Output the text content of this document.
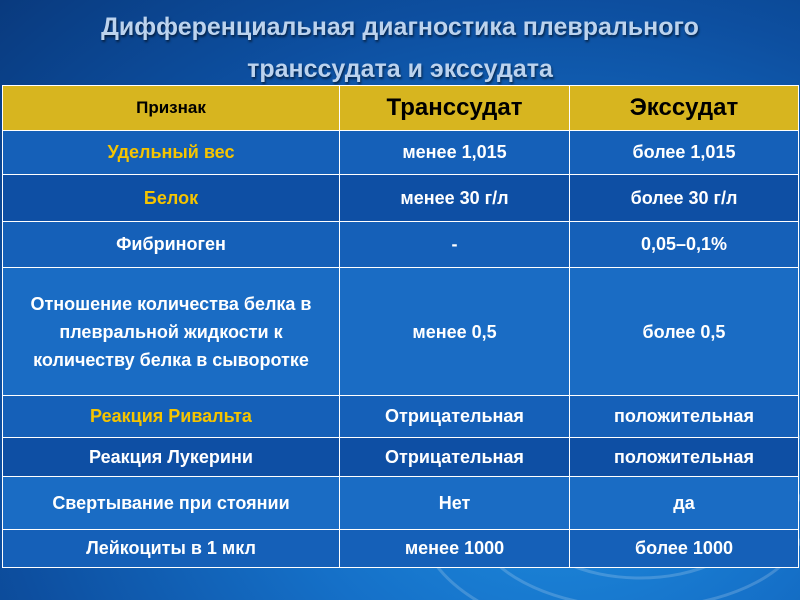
Дифференциальная диагностика плеврального
транссудата и экссудата
Признак	Транссудат	Экссудат
Удельный вес	менее 1,015	более 1,015
Белок	менее 30 г/л	более 30 г/л
Фибриноген	-	0,05–0,1%
Отношение количества белка в плевральной жидкости к количеству белка в сыворотке	менее 0,5	более 0,5
Реакция Ривальта	Отрицательная	положительная
Реакция Лукерини	Отрицательная	положительная
Свертывание при стоянии	Нет	да
Лейкоциты в 1 мкл	менее 1000	более 1000
